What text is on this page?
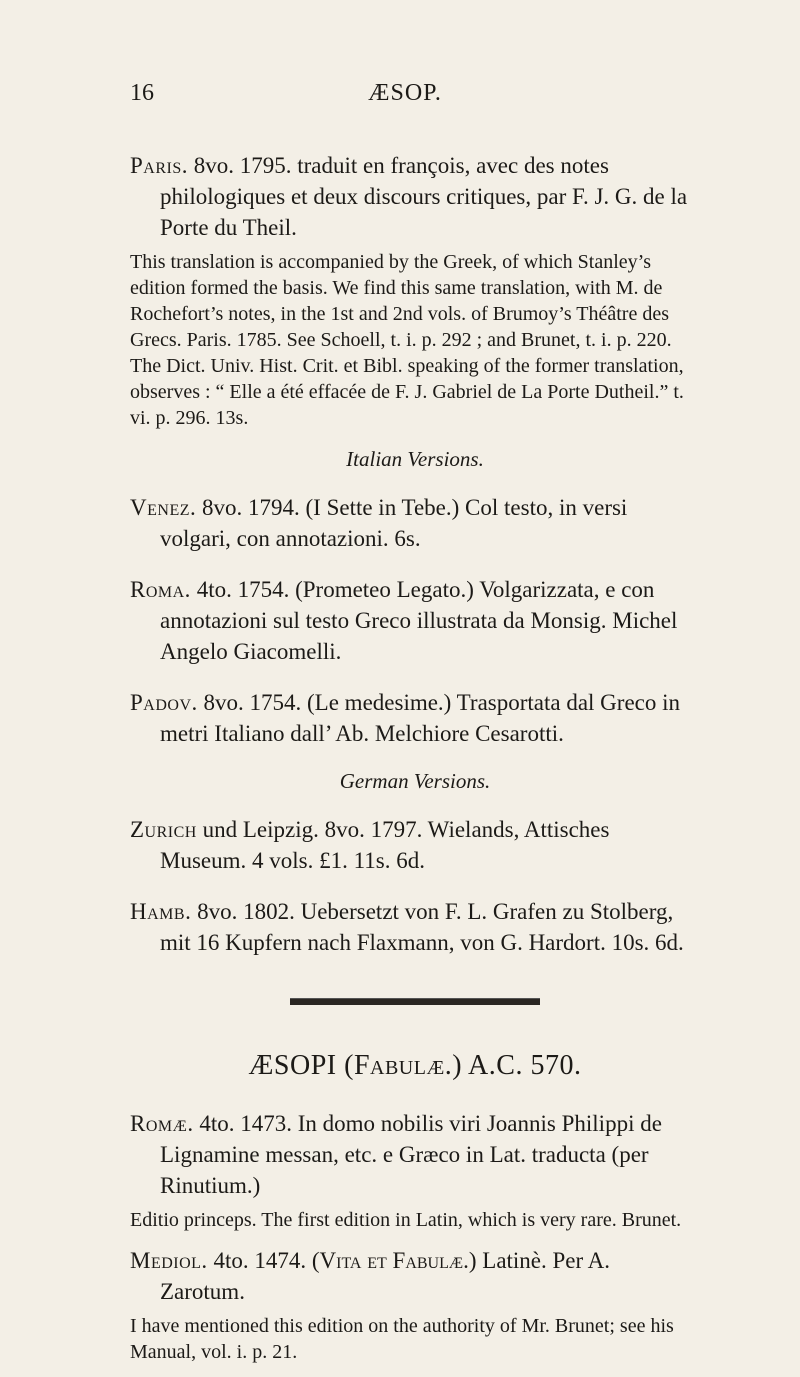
16	ÆSOP.

Paris. 8vo. 1795. traduit en françois, avec des notes philologiques et deux discours critiques, par F. J. G. de la Porte du Theil.

This translation is accompanied by the Greek, of which Stanley’s edition formed the basis. We find this same translation, with M. de Rochefort’s notes, in the 1st and 2nd vols. of Brumoy’s Théâtre des Grecs. Paris. 1785. See Schoell, t. i. p. 292 ; and Brunet, t. i. p. 220. The Dict. Univ. Hist. Crit. et Bibl. speaking of the former translation, observes : “ Elle a été effacée de F. J. Gabriel de La Porte Dutheil.” t. vi. p. 296. 13s.

Italian Versions.

Venez. 8vo. 1794. (I Sette in Tebe.) Col testo, in versi volgari, con annotazioni. 6s.

Roma. 4to. 1754. (Prometeo Legato.) Volgarizzata, e con annotazioni sul testo Greco illustrata da Monsig. Michel Angelo Giacomelli.

Padov. 8vo. 1754. (Le medesime.) Trasportata dal Greco in metri Italiano dall’ Ab. Melchiore Cesarotti.

German Versions.

Zurich und Leipzig. 8vo. 1797. Wielands, Attisches Museum. 4 vols. £1. 11s. 6d.

Hamb. 8vo. 1802. Uebersetzt von F. L. Grafen zu Stolberg, mit 16 Kupfern nach Flaxmann, von G. Hardort. 10s. 6d.

ÆSOPI (Fabulæ.) A.C. 570.

Romæ. 4to. 1473. In domo nobilis viri Joannis Philippi de Lignamine messan, etc. e Græco in Lat. traducta (per Rinutium.)

Editio princeps. The first edition in Latin, which is very rare. Brunet.

Mediol. 4to. 1474. (Vita et Fabulæ.) Latinè. Per A. Zarotum.

I have mentioned this edition on the authority of Mr. Brunet; see his Manual, vol. i. p. 21.
